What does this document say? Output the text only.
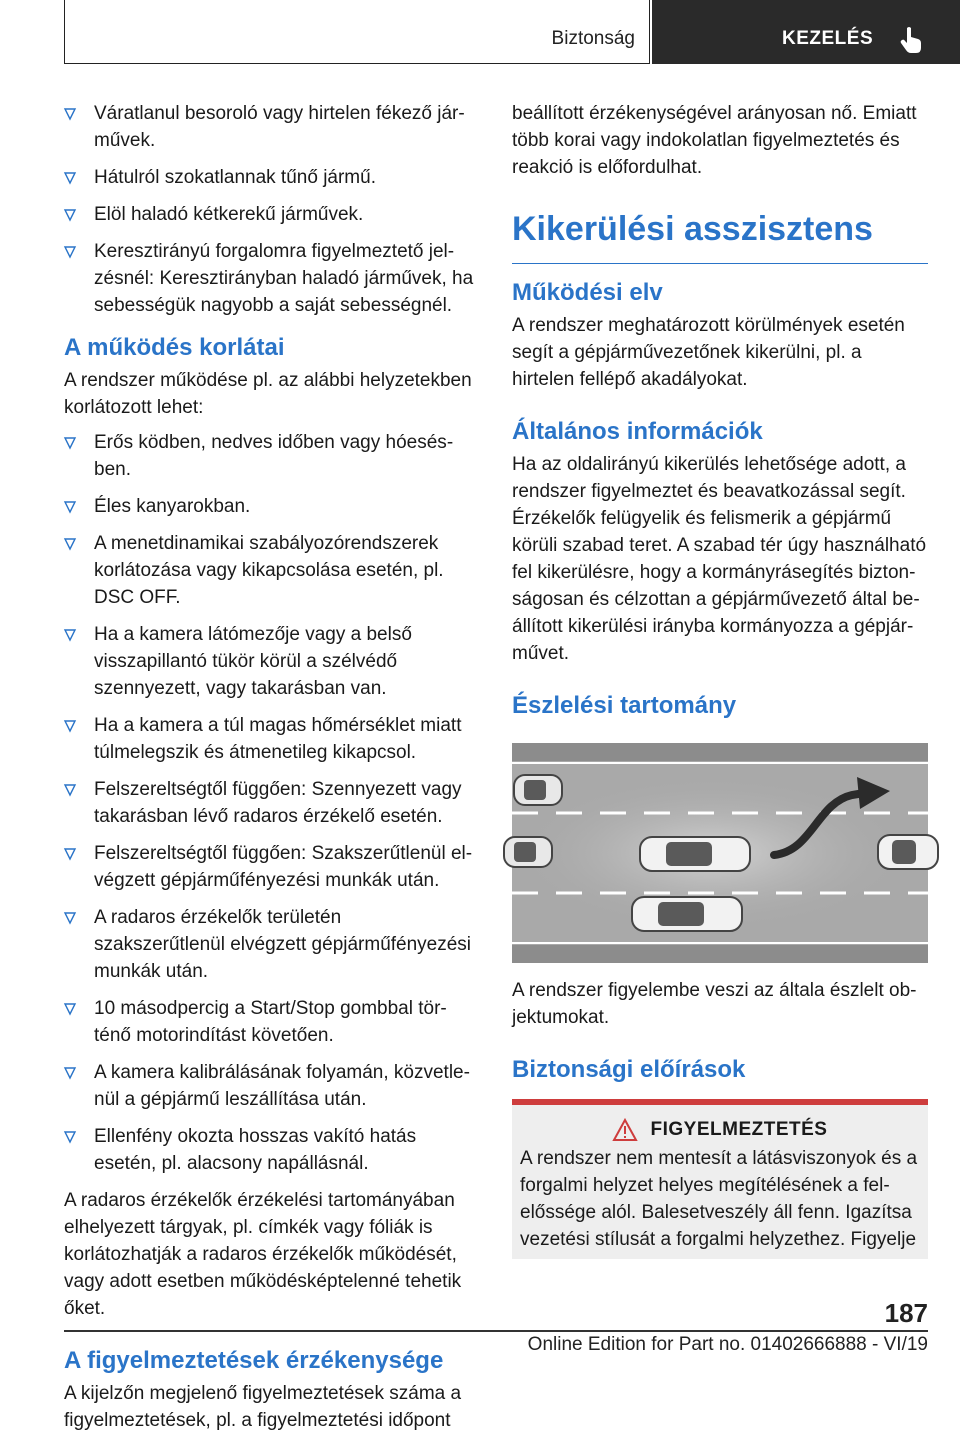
Biztonság	KEZELÉS
Váratlanul besoroló vagy hirtelen fékező járművek.
Hátulról szokatlannak tűnő jármű.
Elöl haladó kétkerekű járművek.
Keresztirányú forgalomra figyelmeztető jelzésnél: Keresztirányban haladó járművek, ha sebességük nagyobb a saját sebességnél.
A működés korlátai

A rendszer működése pl. az alábbi helyzetekben korlátozott lehet:

Erős ködben, nedves időben vagy hóesésben.
Éles kanyarokban.
A menetdinamikai szabályozórendszerek korlátozása vagy kikapcsolása esetén, pl. DSC OFF.
Ha a kamera látómezője vagy a belső visszapillantó tükör körül a szélvédő szennyezett, vagy takarásban van.
Ha a kamera a túl magas hőmérséklet miatt túlmelegszik és átmenetileg kikapcsol.
Felszereltségtől függően: Szennyezett vagy takarásban lévő radaros érzékelő esetén.
Felszereltségtől függően: Szakszerűtlenül elvégzett gépjárműfényezési munkák után.
A radaros érzékelők területén szakszerűtlenül elvégzett gépjárműfényezési munkák után.
10 másodpercig a Start/Stop gombbal történő motorindítást követően.
A kamera kalibrálásának folyamán, közvetlenül a gépjármű leszállítása után.
Ellenfény okozta hosszas vakító hatás esetén, pl. alacsony napállásnál.

A radaros érzékelők érzékelési tartományában elhelyezett tárgyak, pl. címkék vagy fóliák is korlátozhatják a radaros érzékelők működését, vagy adott esetben működésképtelenné tehetik őket.

A figyelmeztetések érzékenysége

A kijelzőn megjelenő figyelmeztetések száma a figyelmeztetések, pl. a figyelmeztetési időpont

beállított érzékenységével arányosan nő. Emiatt több korai vagy indokolatlan figyelmeztetés és reakció is előfordulhat.

Kikerülési asszisztens
Működési elv

A rendszer meghatározott körülmények esetén segít a gépjárművezetőnek kikerülni, pl. a hirtelen fellépő akadályokat.

Általános információk

Ha az oldalirányú kikerülés lehetősége adott, a rendszer figyelmeztet és beavatkozással segít. Érzékelők felügyelik és felismerik a gépjármű körüli szabad teret. A szabad tér úgy használható fel kikerülésre, hogy a kormányrásegítés biztonságosan és célzottan a gépjárművezető által beállított kikerülési irányba kormányozza a gépjárművet.

Észlelési tartomány

A rendszer figyelembe veszi az általa észlelt objektumokat.

Biztonsági előírások
FIGYELMEZTETÉS

A rendszer nem mentesít a látásviszonyok és a forgalmi helyzet helyes megítélésének a felelőssége alól. Balesetveszély áll fenn. Igazítsa vezetési stílusát a forgalmi helyzethez. Figyelje

187
Online Edition for Part no. 01402666888 - VI/19
